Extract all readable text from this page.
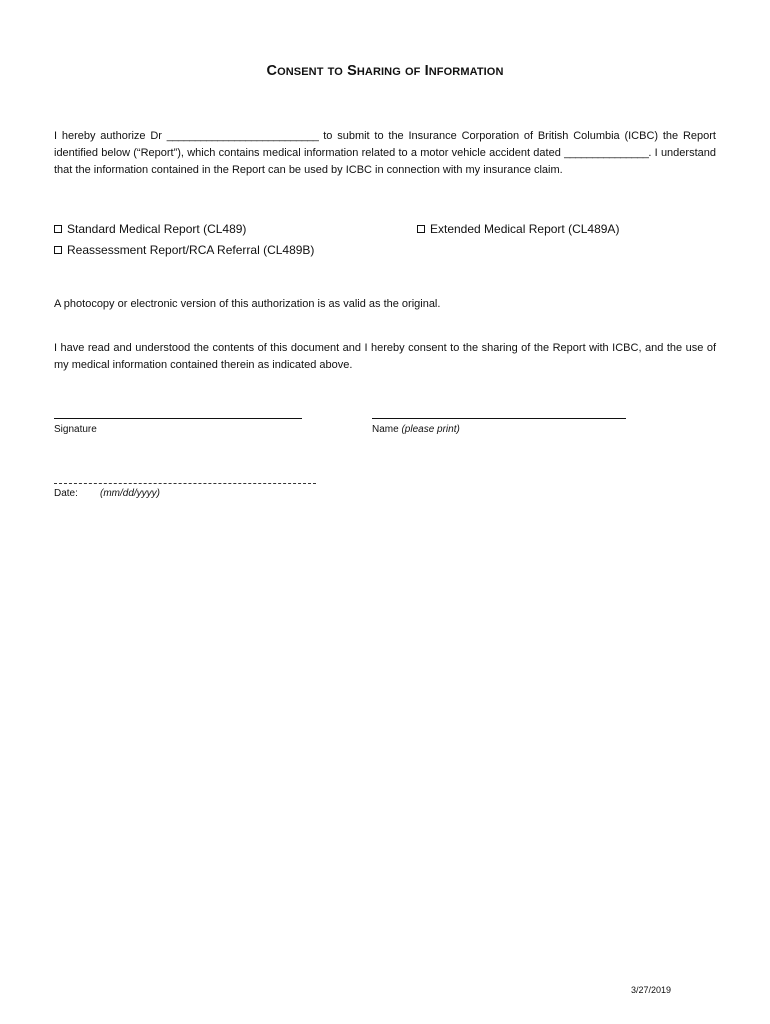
CONSENT TO SHARING OF INFORMATION
I hereby authorize Dr ___________________________ to submit to the Insurance Corporation of British Columbia (ICBC) the Report identified below (“Report”), which contains medical information related to a motor vehicle accident dated _______________. I understand that the information contained in the Report can be used by ICBC in connection with my insurance claim.
Standard Medical Report (CL489)	Extended Medical Report (CL489A)
Reassessment Report/RCA Referral (CL489B)
A photocopy or electronic version of this authorization is as valid as the original.
I have read and understood the contents of this document and I hereby consent to the sharing of the Report with ICBC, and the use of my medical information contained therein as indicated above.
Signature	Name (please print)
Date: (mm/dd/yyyy)
3/27/2019
